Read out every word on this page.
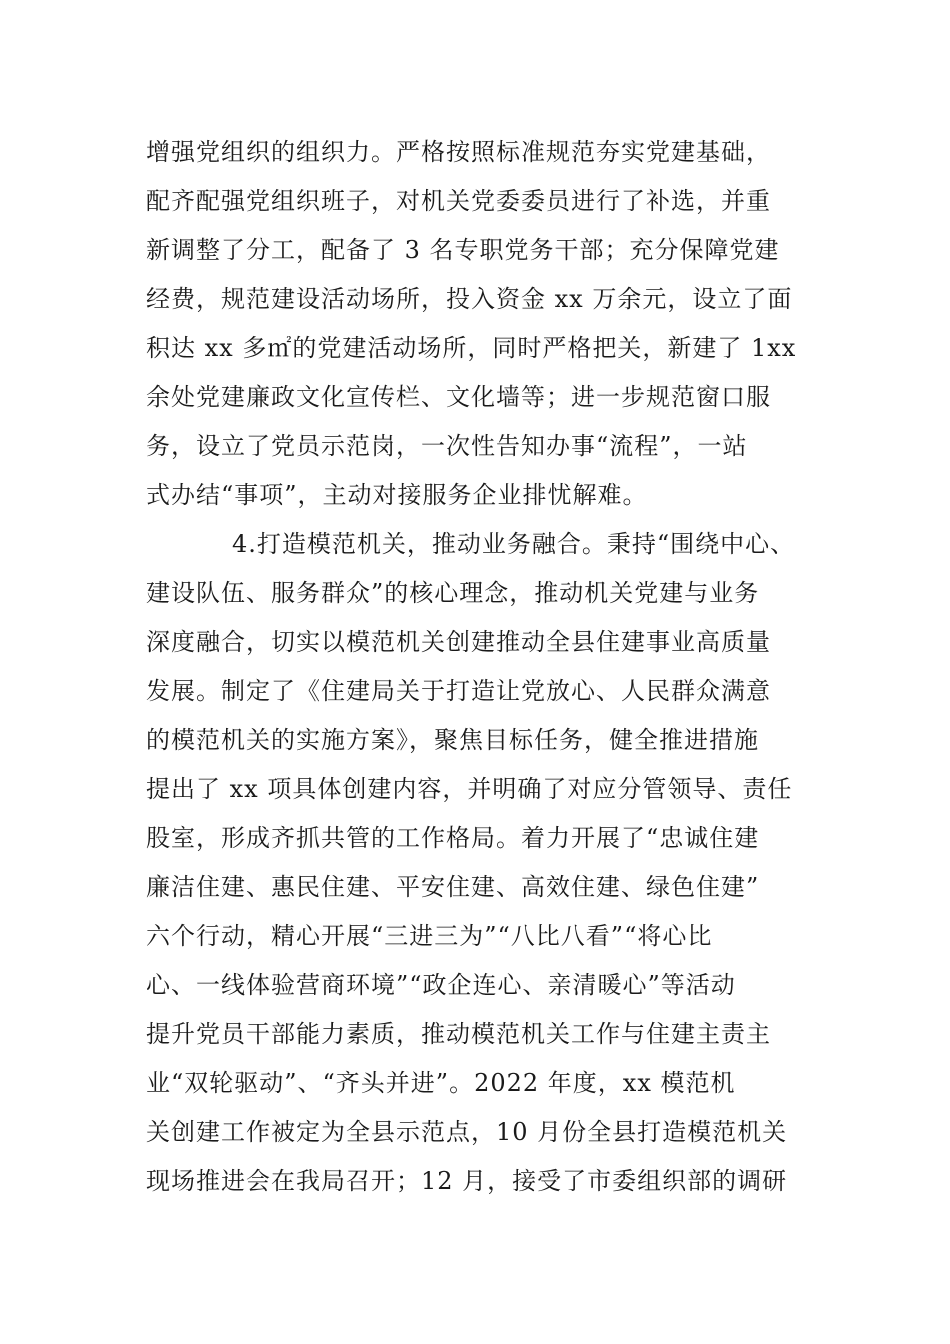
增强党组织的组织力。严格按照标准规范夯实党建基础，
配齐配强党组织班子，对机关党委委员进行了补选，并重
新调整了分工，配备了 3 名专职党务干部；充分保障党建
经费，规范建设活动场所，投入资金 xx 万余元，设立了面
积达 xx 多㎡的党建活动场所，同时严格把关，新建了 1xx
余处党建廉政文化宣传栏、文化墙等；进一步规范窗口服
务，设立了党员示范岗，一次性告知办事“流程”，一站
式办结“事项”，主动对接服务企业排忧解难。
4.打造模范机关，推动业务融合。秉持“围绕中心、
建设队伍、服务群众”的核心理念，推动机关党建与业务
深度融合，切实以模范机关创建推动全县住建事业高质量
发展。制定了《住建局关于打造让党放心、人民群众满意
的模范机关的实施方案》，聚焦目标任务，健全推进措施
提出了 xx 项具体创建内容，并明确了对应分管领导、责任
股室，形成齐抓共管的工作格局。着力开展了“忠诚住建
廉洁住建、惠民住建、平安住建、高效住建、绿色住建”
六个行动，精心开展“三进三为”“八比八看”“将心比
心、一线体验营商环境”“政企连心、亲清暖心”等活动
提升党员干部能力素质，推动模范机关工作与住建主责主
业“双轮驱动”、“齐头并进”。2022 年度，xx 模范机
关创建工作被定为全县示范点，10 月份全县打造模范机关
现场推进会在我局召开；12 月，接受了市委组织部的调研
